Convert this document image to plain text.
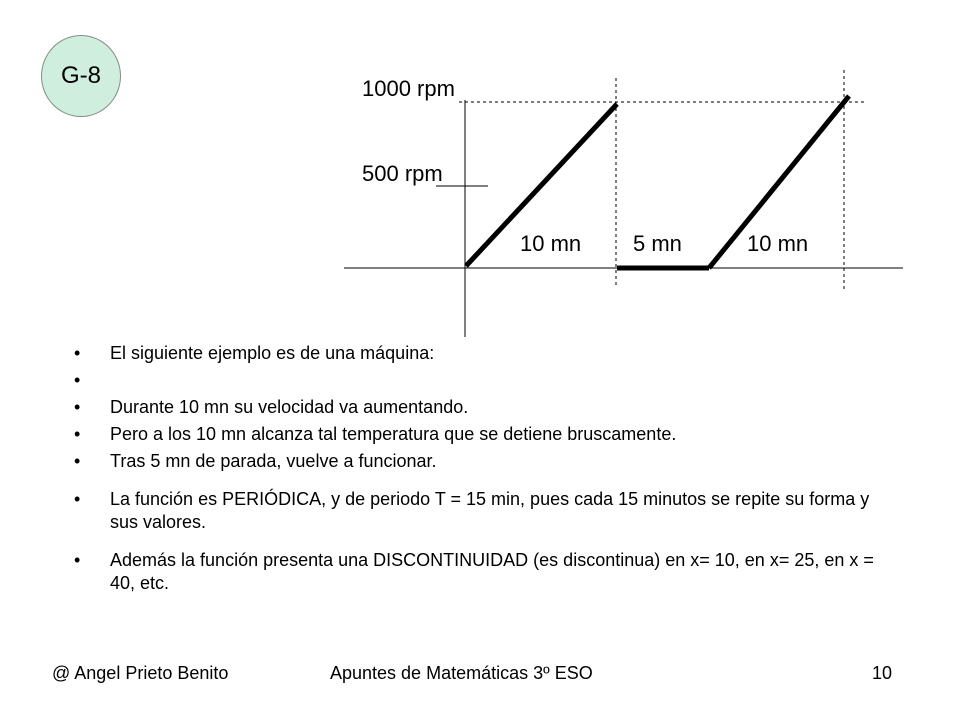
G-8	1000 rpm
500 rpm
10 mn 5 mn	10 mn
• El siguiente ejemplo es de una máquina:
•
• Durante 10 mn su velocidad va aumentando.
• Pero a los 10 mn alcanza tal temperatura que se detiene bruscamente.
• Tras 5 mn de parada, vuelve a funcionar.
• La función es PERIÓDICA, y de periodo T = 15 min, pues cada 15 minutos se repite su forma y sus valores.
• Además la función presenta una DISCONTINUIDAD (es discontinua) en x= 10, en x= 25, en x = 40, etc.
@ Angel Prieto Benito	Apuntes de Matemáticas 3º ESO	10
